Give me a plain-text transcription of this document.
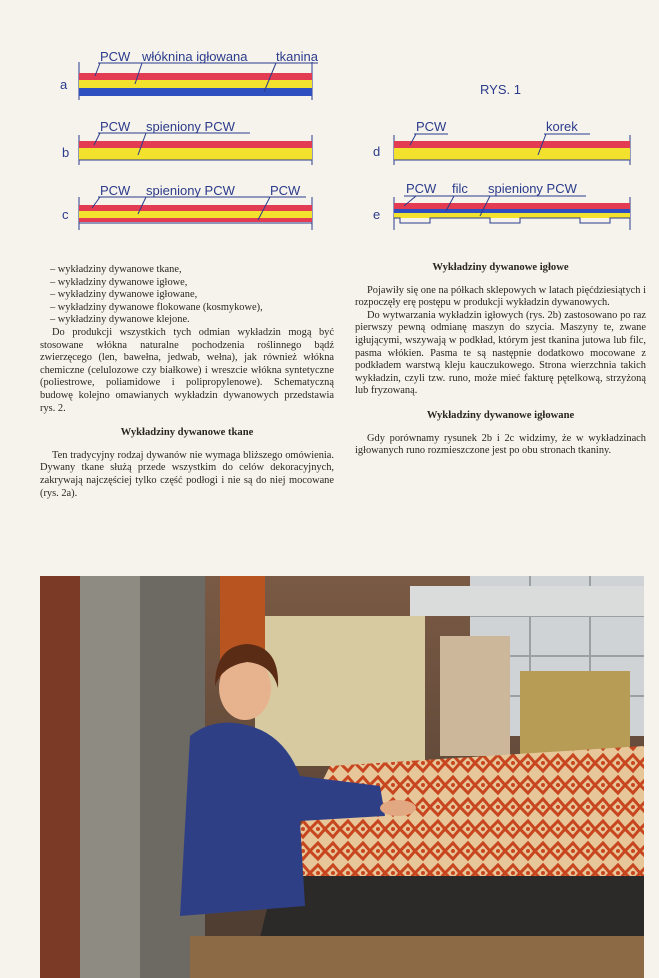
a
PCW włóknina igłowana tkanina
b
PCW spieniony PCW
c
PCW spieniony PCW	PCW
RYS. 1
d
PCW	korek
e
PCW filc spieniony PCW
– wykładziny dywanowe tkane,
– wykładziny dywanowe igłowe,
– wykładziny dywanowe igłowane,
– wykładziny dywanowe flokowane (kosmykowe),
– wykładziny dywanowe klejone.

Do produkcji wszystkich tych odmian wykładzin mogą być stosowane włókna naturalne pochodzenia roślinnego bądź zwierzęcego (len, bawełna, jedwab, wełna), jak również włókna chemiczne (celulozowe czy białkowe) i wreszcie włókna syntetyczne (poliestrowe, poliamidowe i polipropylenowe). Schematyczną budowę kolejno omawianych wykładzin dywanowych przedstawia rys. 2.

Wykładziny dywanowe tkane

Ten tradycyjny rodzaj dywanów nie wymaga bliższego omówienia. Dywany tkane służą przede wszystkim do celów dekoracyjnych, zakrywają najczęściej tylko część podłogi i nie są do niej mocowane (rys. 2a).

Wykładziny dywanowe igłowe

Pojawiły się one na półkach sklepowych w latach pięćdziesiątych i rozpoczęły erę postępu w produkcji wykładzin dywanowych.

Do wytwarzania wykładzin igłowych (rys. 2b) zastosowano po raz pierwszy pewną odmianę maszyn do szycia. Maszyny te, zwane igłującymi, wszywają w podkład, którym jest tkanina jutowa lub filc, pasma włókien. Pasma te są następnie dodatkowo mocowane z podkładem warstwą kleju kauczukowego. Strona wierzchnia takich wykładzin, czyli tzw. runo, może mieć fakturę pętelkową, strzyżoną lub fryzowaną.

Wykładziny dywanowe igłowane

Gdy porównamy rysunek 2b i 2c widzimy, że w wykładzinach igłowanych runo rozmieszczone jest po obu stronach tkaniny.
